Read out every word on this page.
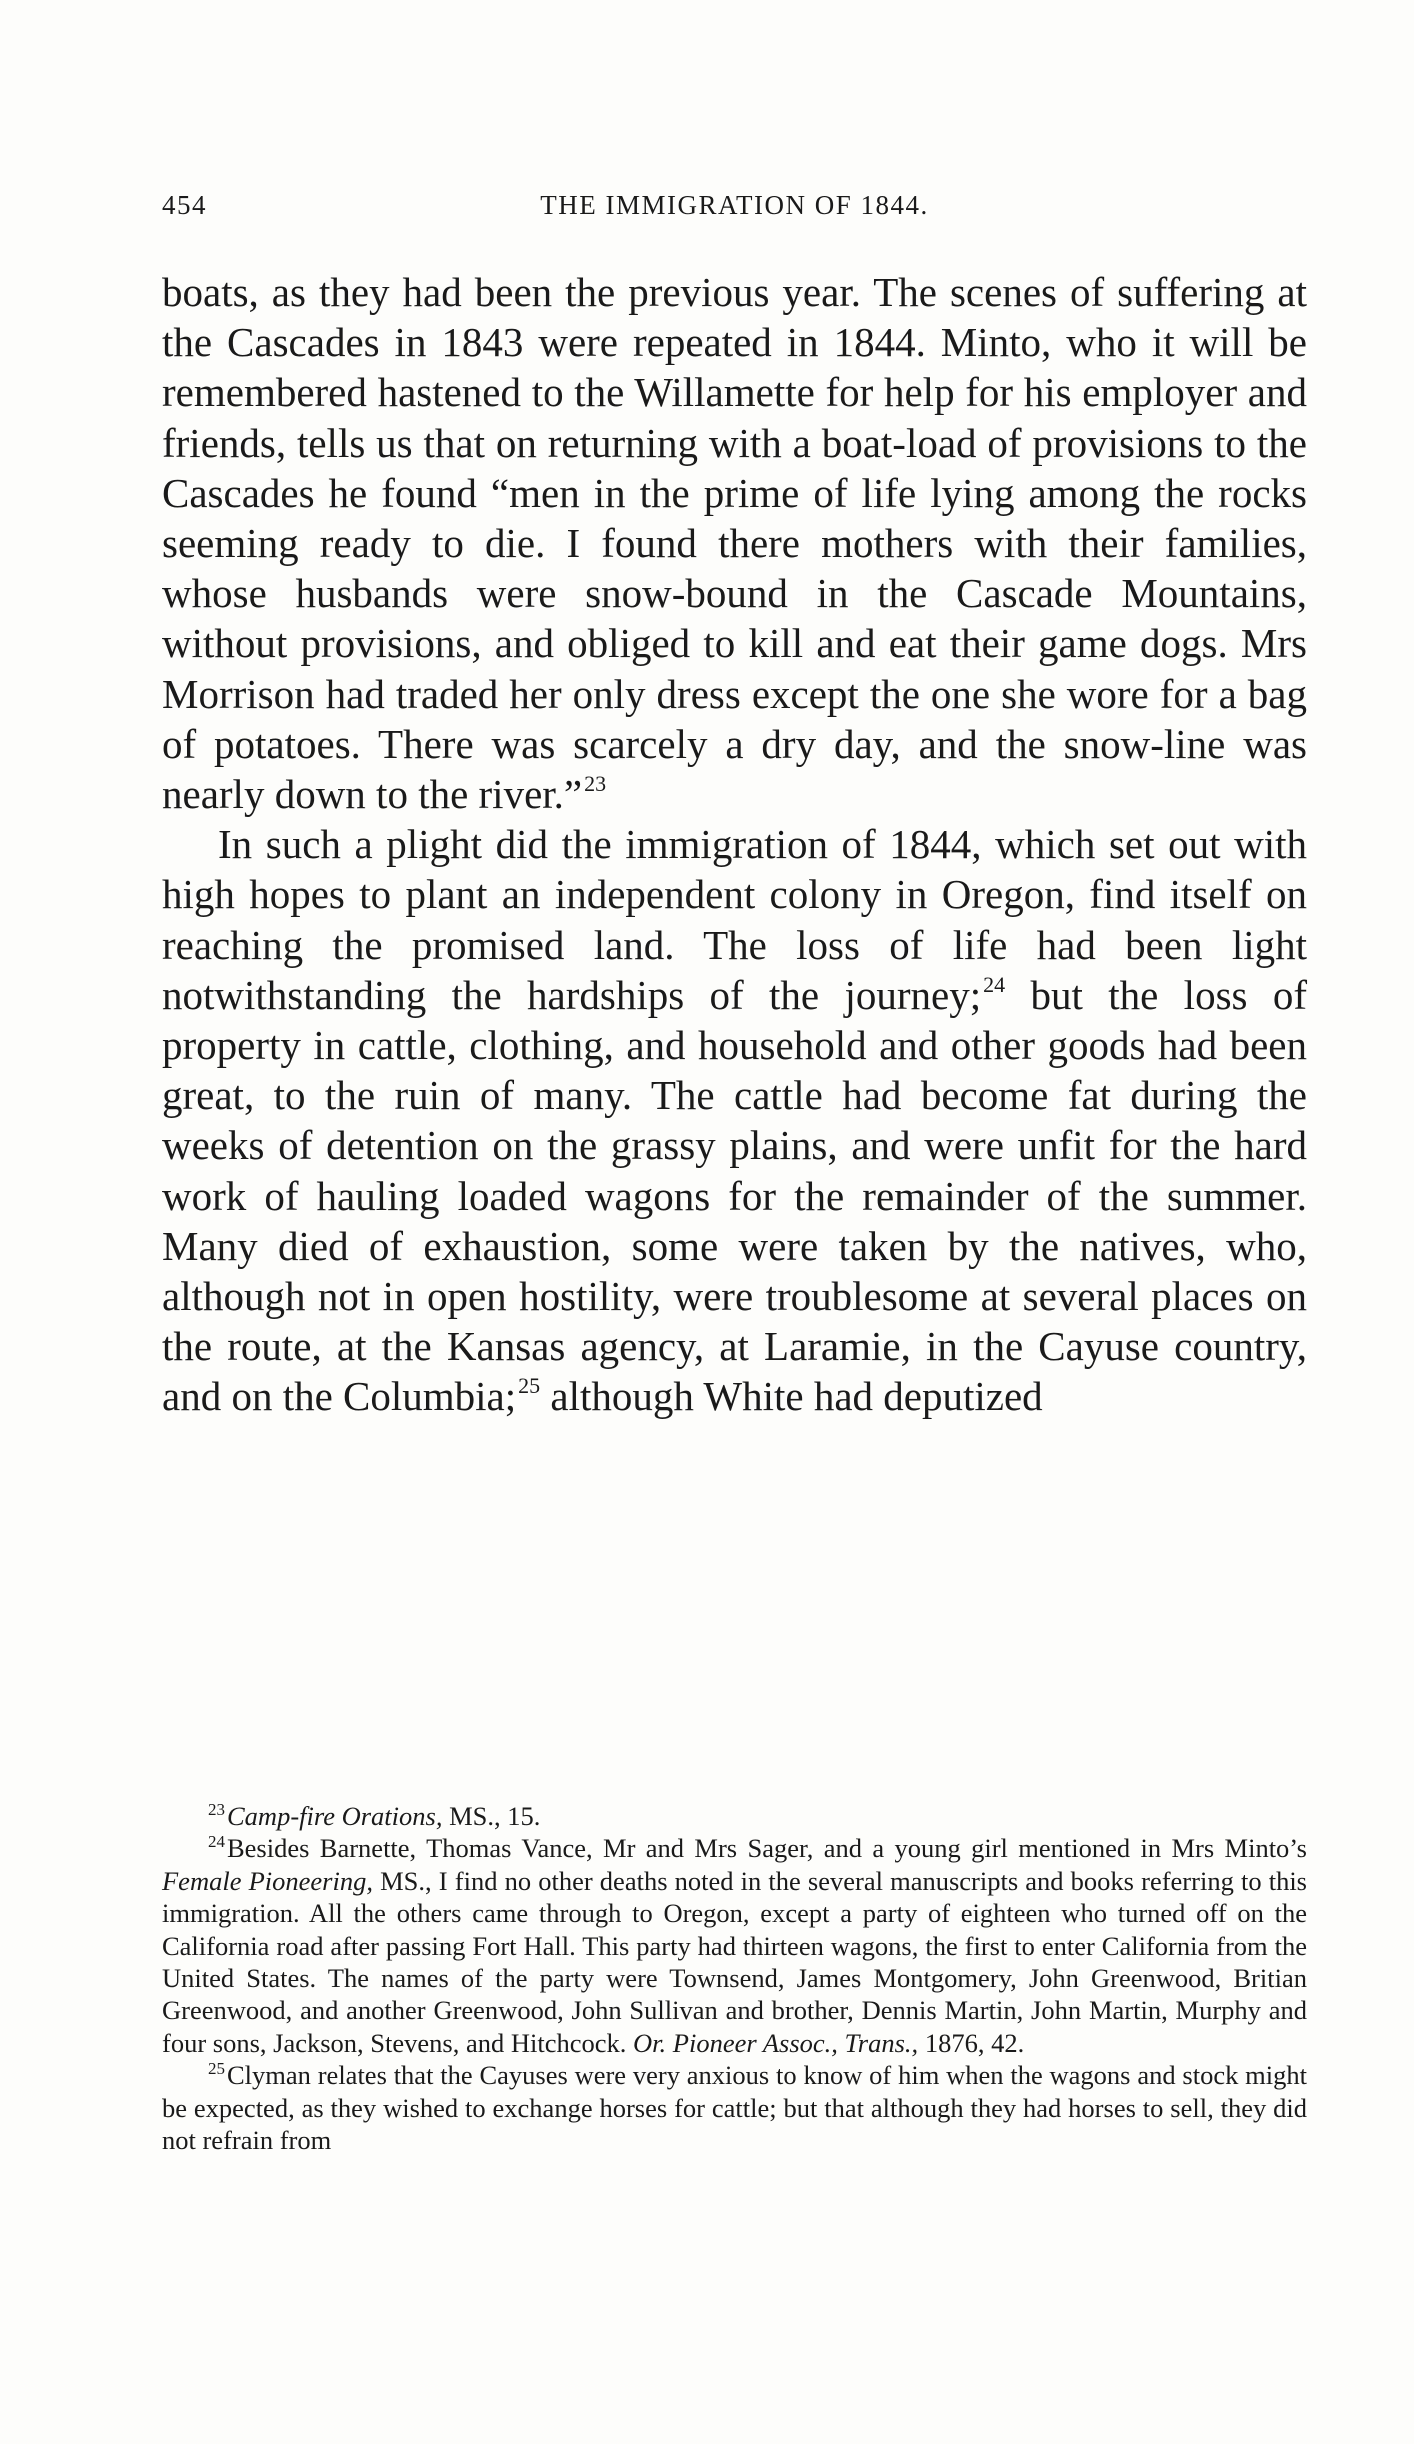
454	THE IMMIGRATION OF 1844.

boats, as they had been the previous year. The scenes of suffering at the Cascades in 1843 were repeated in 1844. Minto, who it will be remembered hastened to the Willamette for help for his employer and friends, tells us that on returning with a boat-load of provisions to the Cascades he found “men in the prime of life lying among the rocks seeming ready to die. I found there mothers with their families, whose husbands were snow-bound in the Cascade Mountains, without provisions, and obliged to kill and eat their game dogs. Mrs Morrison had traded her only dress except the one she wore for a bag of potatoes. There was scarcely a dry day, and the snow-line was nearly down to the river.”$^{23}$

In such a plight did the immigration of 1844, which set out with high hopes to plant an independent colony in Oregon, find itself on reaching the promised land. The loss of life had been light notwithstanding the hardships of the journey;$^{24}$ but the loss of property in cattle, clothing, and household and other goods had been great, to the ruin of many. The cattle had become fat during the weeks of detention on the grassy plains, and were unfit for the hard work of hauling loaded wagons for the remainder of the summer. Many died of exhaustion, some were taken by the natives, who, although not in open hostility, were troublesome at several places on the route, at the Kansas agency, at Laramie, in the Cayuse country, and on the Columbia;$^{25}$ although White had deputized

$^{23}$Camp-fire Orations, MS., 15.

$^{24}$Besides Barnette, Thomas Vance, Mr and Mrs Sager, and a young girl mentioned in Mrs Minto’s Female Pioneering, MS., I find no other deaths noted in the several manuscripts and books referring to this immigration. All the others came through to Oregon, except a party of eighteen who turned off on the California road after passing Fort Hall. This party had thirteen wagons, the first to enter California from the United States. The names of the party were Townsend, James Montgomery, John Greenwood, Britian Greenwood, and another Greenwood, John Sullivan and brother, Dennis Martin, John Martin, Murphy and four sons, Jackson, Stevens, and Hitchcock. Or. Pioneer Assoc., Trans., 1876, 42.

$^{25}$Clyman relates that the Cayuses were very anxious to know of him when the wagons and stock might be expected, as they wished to exchange horses for cattle; but that although they had horses to sell, they did not refrain from
